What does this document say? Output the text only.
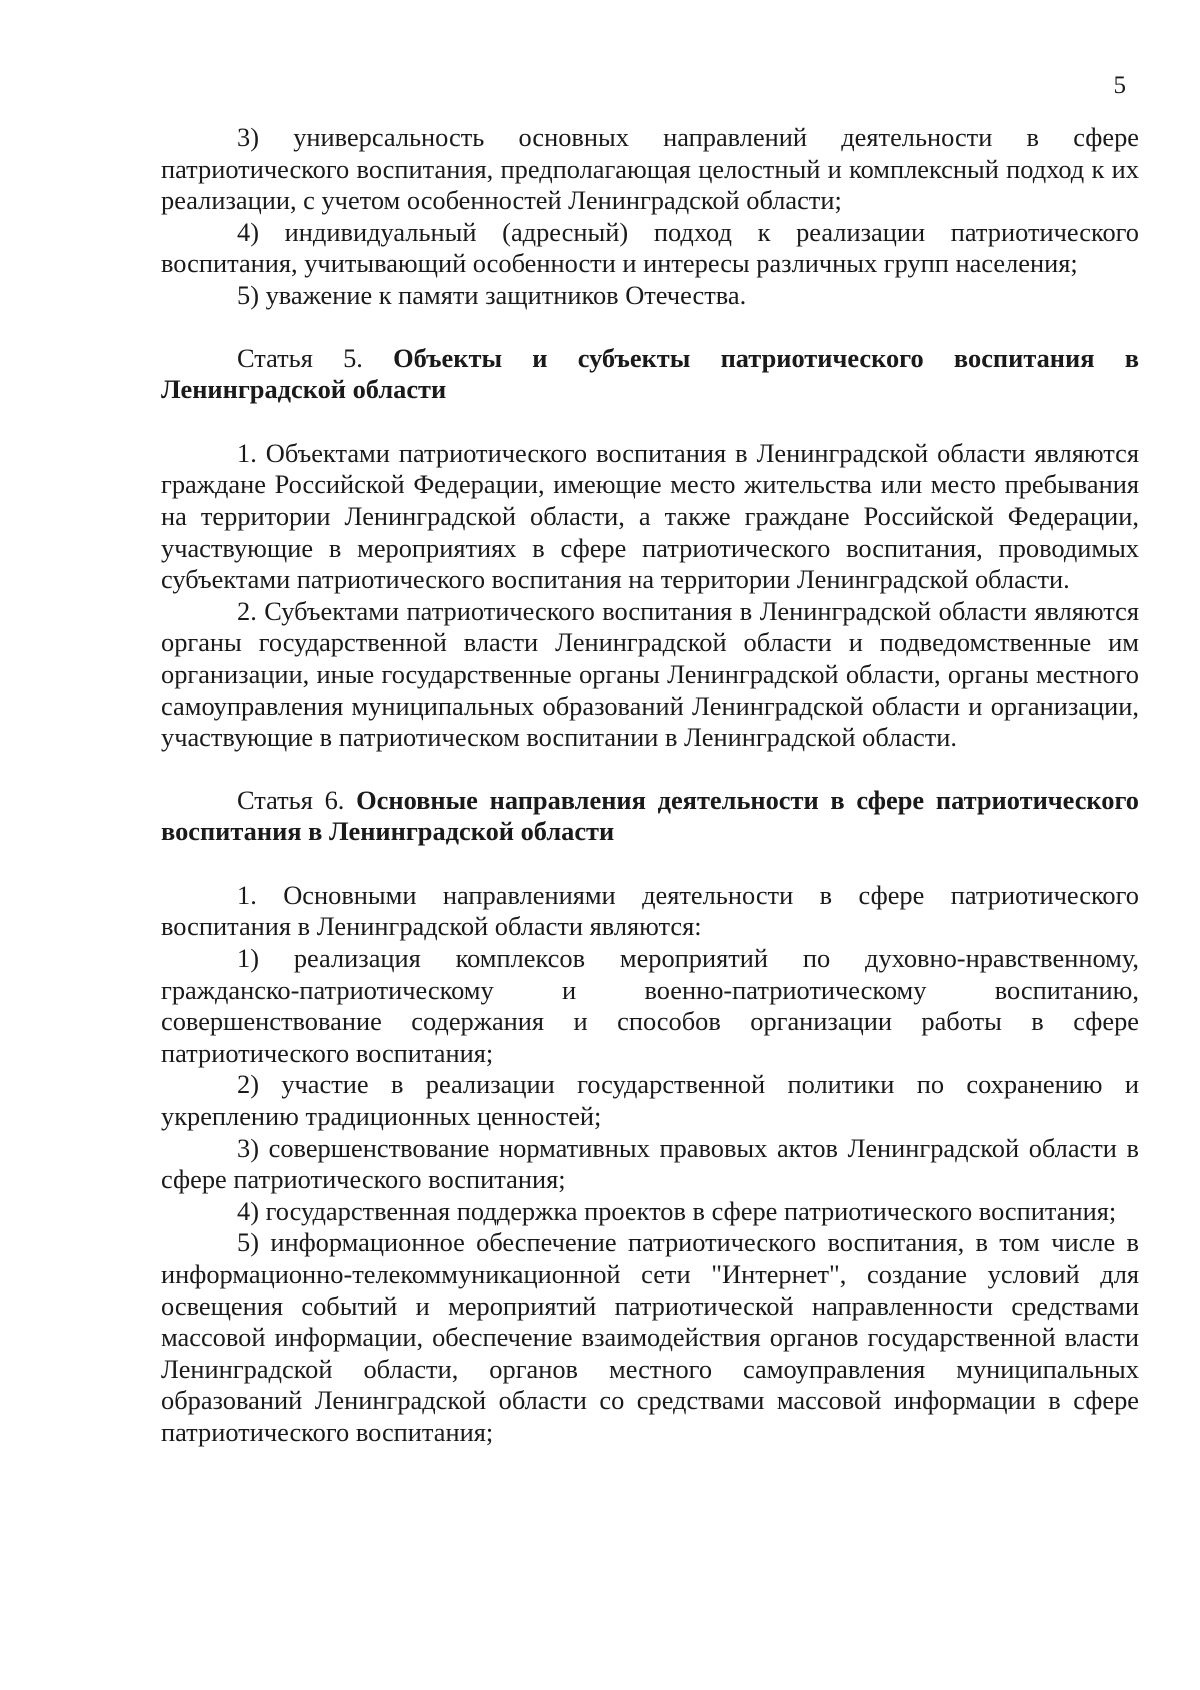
5

3) универсальность основных направлений деятельности в сфере патриотического воспитания, предполагающая целостный и комплексный подход к их реализации, с учетом особенностей Ленинградской области;

4) индивидуальный (адресный) подход к реализации патриотического воспитания, учитывающий особенности и интересы различных групп населения;

5) уважение к памяти защитников Отечества.

Статья 5. Объекты и субъекты патриотического воспитания в Ленинградской области

1. Объектами патриотического воспитания в Ленинградской области являются граждане Российской Федерации, имеющие место жительства или место пребывания на территории Ленинградской области, а также граждане Российской Федерации, участвующие в мероприятиях в сфере патриотического воспитания, проводимых субъектами патриотического воспитания на территории Ленинградской области.

2. Субъектами патриотического воспитания в Ленинградской области являются органы государственной власти Ленинградской области и подведомственные им организации, иные государственные органы Ленинградской области, органы местного самоуправления муниципальных образований Ленинградской области и организации, участвующие в патриотическом воспитании в Ленинградской области.

Статья 6. Основные направления деятельности в сфере патриотического воспитания в Ленинградской области

1. Основными направлениями деятельности в сфере патриотического воспитания в Ленинградской области являются:

1) реализация комплексов мероприятий по духовно-нравственному, гражданско-патриотическому и военно-патриотическому воспитанию, совершенствование содержания и способов организации работы в сфере патриотического воспитания;

2) участие в реализации государственной политики по сохранению и укреплению традиционных ценностей;

3) совершенствование нормативных правовых актов Ленинградской области в сфере патриотического воспитания;

4) государственная поддержка проектов в сфере патриотического воспитания;

5) информационное обеспечение патриотического воспитания, в том числе в информационно-телекоммуникационной сети "Интернет", создание условий для освещения событий и мероприятий патриотической направленности средствами массовой информации, обеспечение взаимодействия органов государственной власти Ленинградской области, органов местного самоуправления муниципальных образований Ленинградской области со средствами массовой информации в сфере патриотического воспитания;
